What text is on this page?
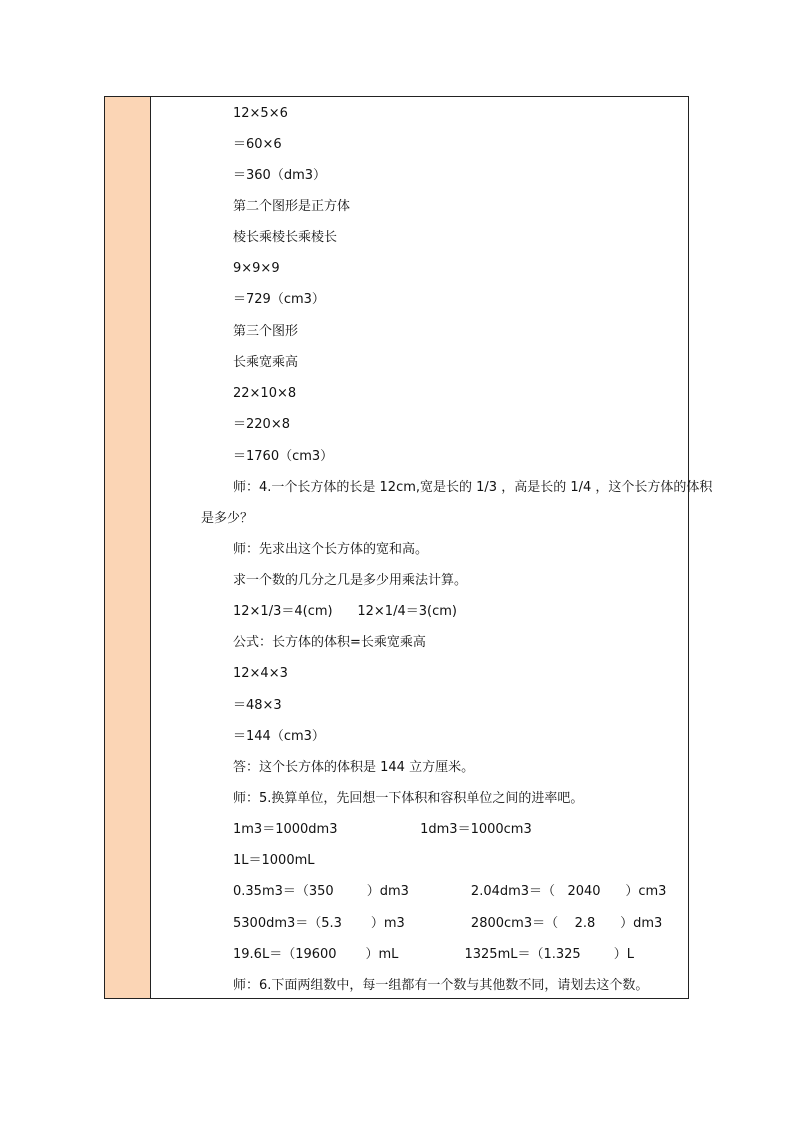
12×5×6
＝60×6
＝360（dm3）
第二个图形是正方体
棱长乘棱长乘棱长
9×9×9
＝729（cm3）
第三个图形
长乘宽乘高
22×10×8
＝220×8
＝1760（cm3）
师：4.一个长方体的长是 12cm,宽是长的 1/3 ，高是长的 1/4 ，这个长方体的体积
是多少？
师：先求出这个长方体的宽和高。
求一个数的几分之几是多少用乘法计算。
12×1/3＝4(cm)      12×1/4＝3(cm)
公式：长方体的体积=长乘宽乘高
12×4×3
＝48×3
＝144（cm3）
答：这个长方体的体积是 144 立方厘米。
师：5.换算单位，先回想一下体积和容积单位之间的进率吧。
1m3＝1000dm3                    1dm3＝1000cm3
1L＝1000mL
0.35m3＝（350        ）dm3               2.04dm3＝（   2040      ）cm3
5300dm3＝（5.3       ）m3                2800cm3＝（    2.8      ）dm3
19.6L＝（19600       ）mL                1325mL＝（1.325        ）L
师：6.下面两组数中，每一组都有一个数与其他数不同，请划去这个数。
